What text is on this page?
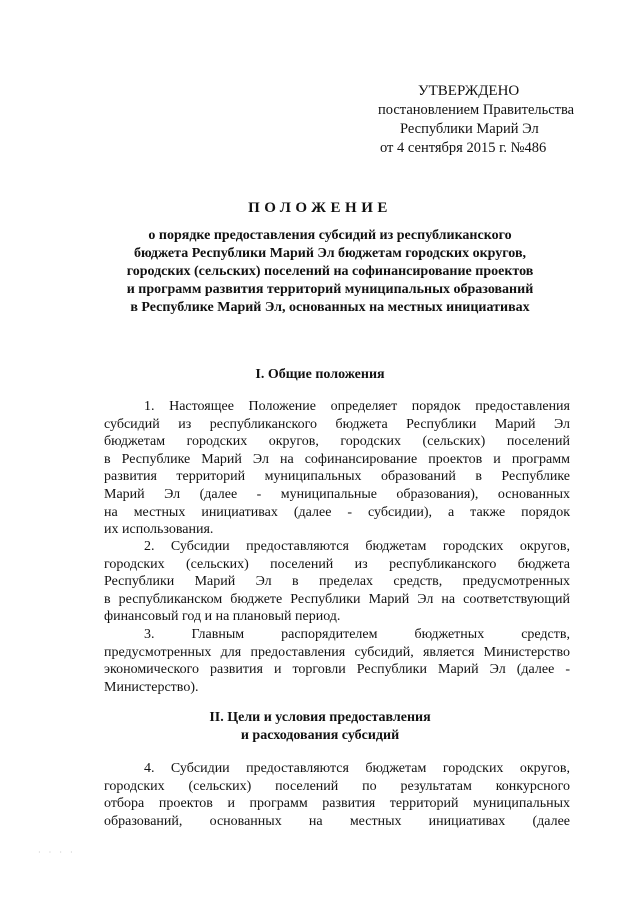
УТВЕРЖДЕНО
постановлением Правительства
Республики Марий Эл
от 4 сентября 2015 г. №486
ПОЛОЖЕНИЕ
о порядке предоставления субсидий из республиканского
бюджета Республики Марий Эл бюджетам городских округов,
городских (сельских) поселений на софинансирование проектов
и программ развития территорий муниципальных образований
в Республике Марий Эл, основанных на местных инициативах
I. Общие положения
1. Настоящее Положение определяет порядок предоставления
субсидий из республиканского бюджета Республики Марий Эл
бюджетам городских округов, городских (сельских) поселений
в Республике Марий Эл на софинансирование проектов и программ
развития территорий муниципальных образований в Республике
Марий Эл (далее - муниципальные образования), основанных
на местных инициативах (далее - субсидии), а также порядок
их использования.
2. Субсидии предоставляются бюджетам городских округов,
городских (сельских) поселений из республиканского бюджета
Республики Марий Эл в пределах средств, предусмотренных
в республиканском бюджете Республики Марий Эл на соответствующий
финансовый год и на плановый период.
3. Главным распорядителем бюджетных средств,
предусмотренных для предоставления субсидий, является Министерство
экономического развития и торговли Республики Марий Эл (далее -
Министерство).
II. Цели и условия предоставления
и расходования субсидий
4. Субсидии предоставляются бюджетам городских округов,
городских (сельских) поселений по результатам конкурсного
отбора проектов и программ развития территорий муниципальных
образований, основанных на местных инициативах (далее
· · · ·
